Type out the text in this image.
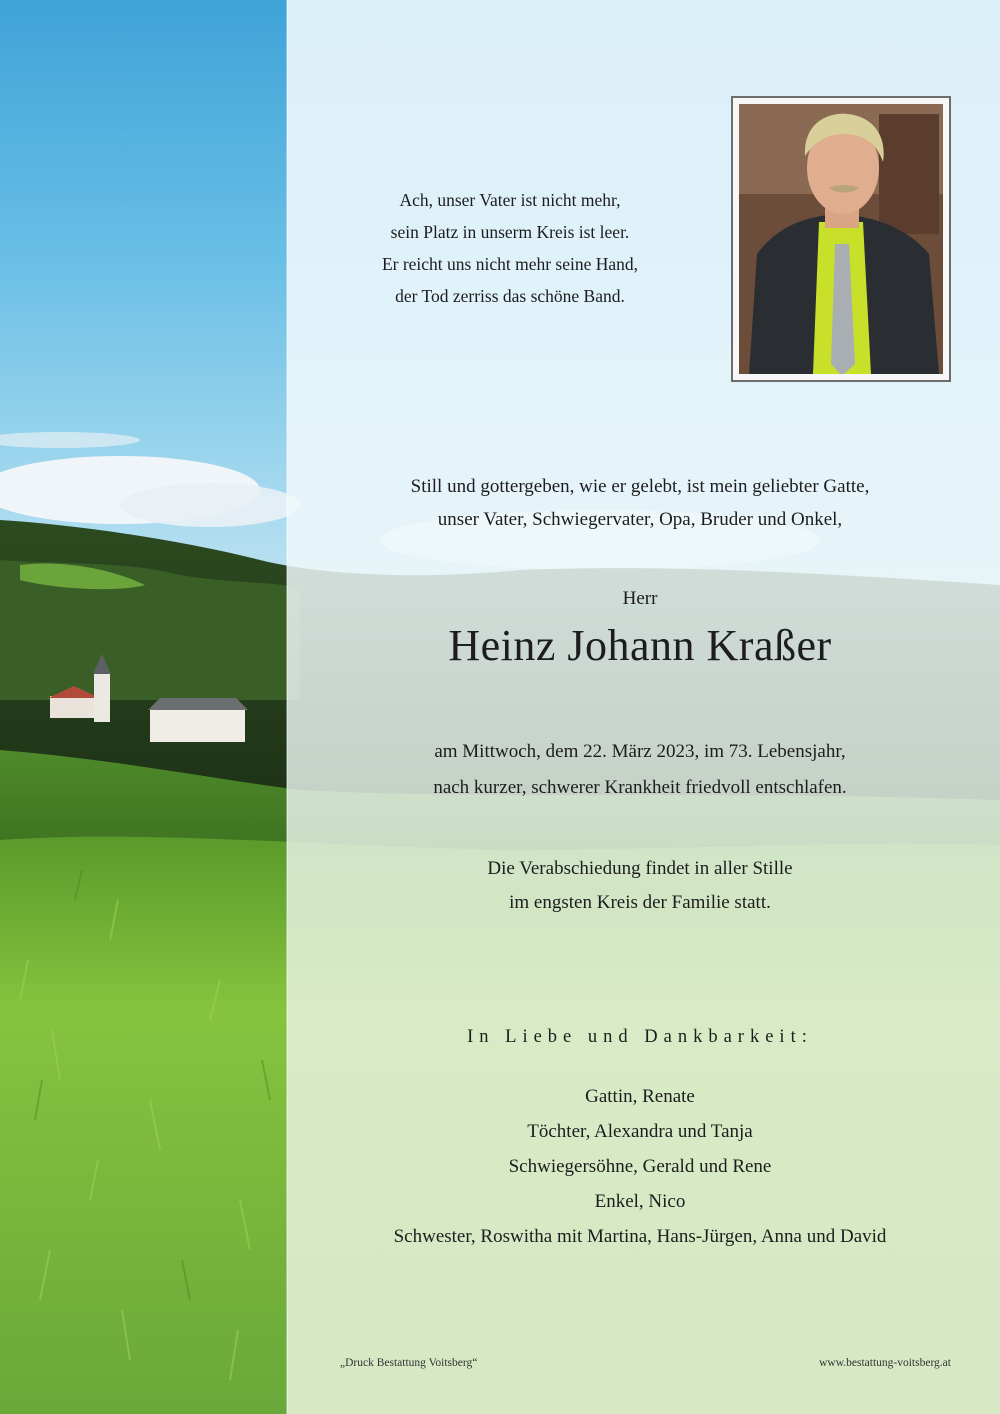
Ach, unser Vater ist nicht mehr,
sein Platz in unserm Kreis ist leer.
Er reicht uns nicht mehr seine Hand,
der Tod zerriss das schöne Band.
Still und gottergeben, wie er gelebt, ist mein geliebter Gatte,
unser Vater, Schwiegervater, Opa, Bruder und Onkel,
Herr
Heinz Johann Kraßer
am Mittwoch, dem 22. März 2023, im 73. Lebensjahr,
nach kurzer, schwerer Krankheit friedvoll entschlafen.
Die Verabschiedung findet in aller Stille
im engsten Kreis der Familie statt.
In Liebe und Dankbarkeit:
Gattin, Renate
Töchter, Alexandra und Tanja
Schwiegersöhne, Gerald und Rene
Enkel, Nico
Schwester, Roswitha mit Martina, Hans-Jürgen, Anna und David
„Druck Bestattung Voitsberg“	www.bestattung-voitsberg.at
